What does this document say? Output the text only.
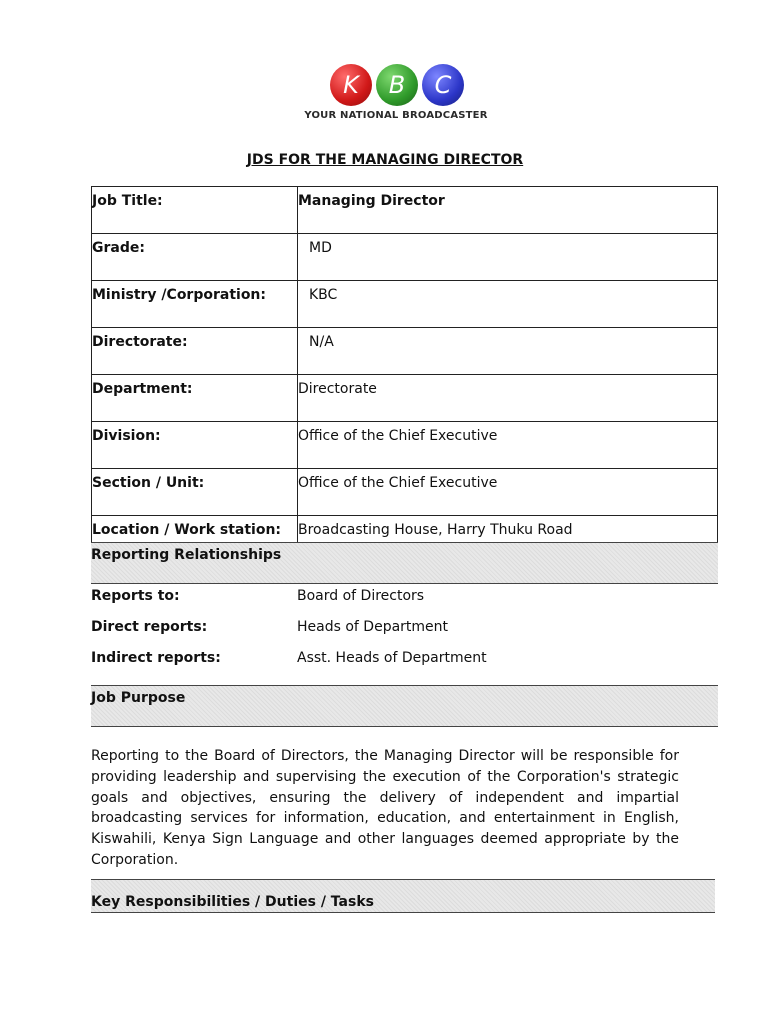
K	B	C
YOUR NATIONAL BROADCASTER
JDS FOR THE MANAGING DIRECTOR
Job Title:	Managing Director
Grade:	MD
Ministry /Corporation:	KBC
Directorate:	N/A
Department:	Directorate
Division:	Office of the Chief Executive
Section / Unit:	Office of the Chief Executive
Location / Work station:	Broadcasting House, Harry Thuku Road
Reporting Relationships
Reports to:	Board of Directors
Direct reports:	Heads of Department
Indirect reports:	Asst. Heads of Department
Job Purpose
Reporting to the Board of Directors, the Managing Director will be responsible for providing leadership and supervising the execution of the Corporation's strategic goals and objectives, ensuring the delivery of independent and impartial broadcasting services for information, education, and entertainment in English, Kiswahili, Kenya Sign Language and other languages deemed appropriate by the Corporation.
Key Responsibilities / Duties / Tasks
